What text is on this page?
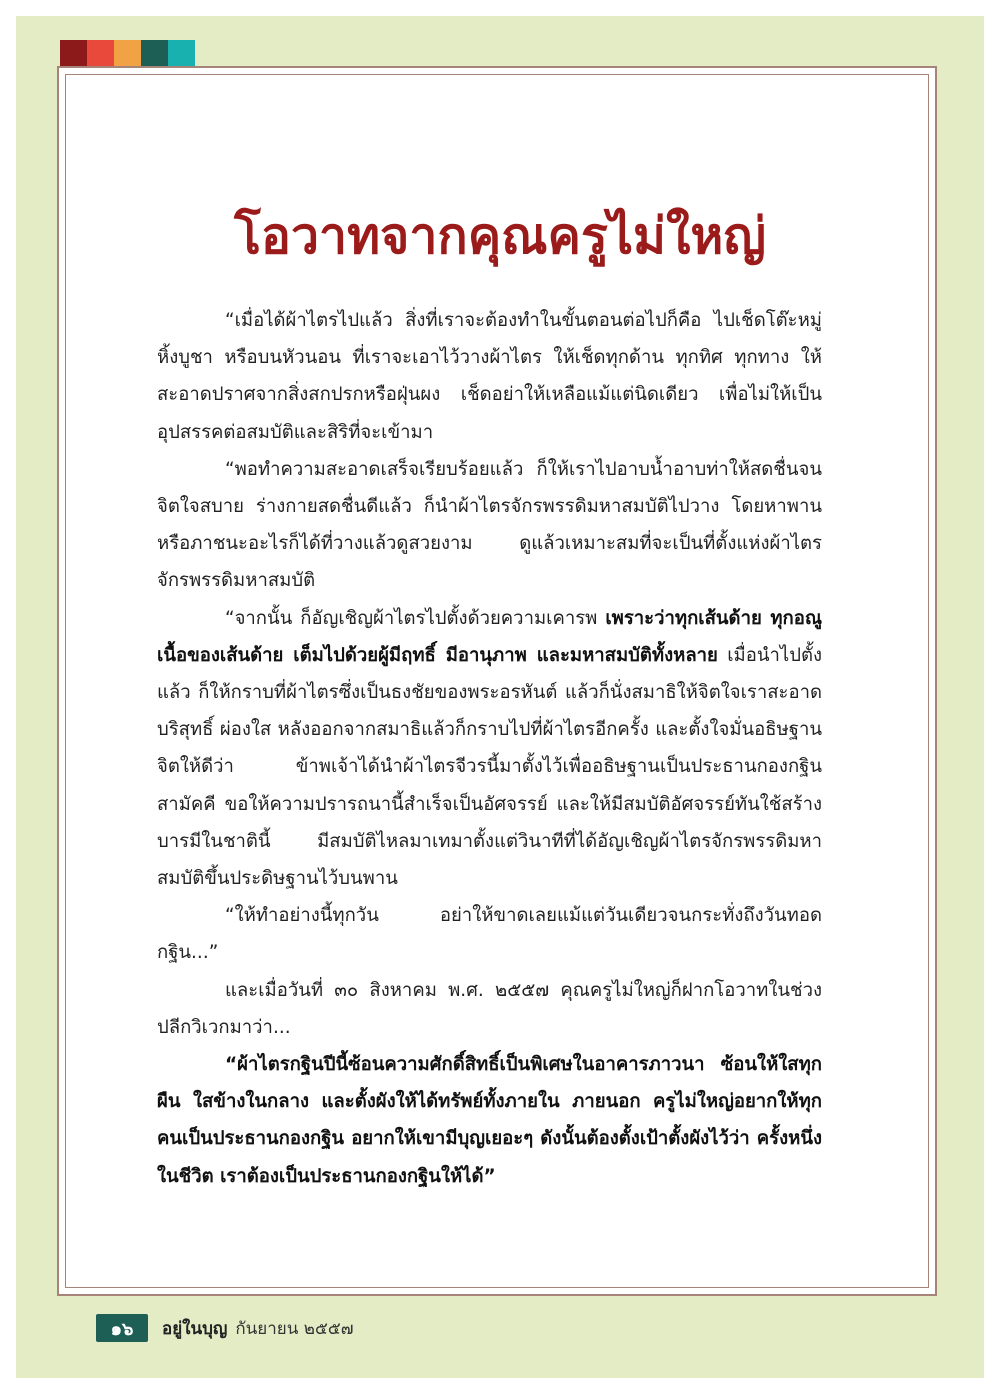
โอวาทจากคุณครูไม่ใหญ่

“เมื่อได้ผ้าไตรไปแล้ว สิ่งที่เราจะต้องทำในขั้นตอนต่อไปก็คือ ไปเช็ดโต๊ะหมู่หิ้งบูชา หรือบนหัวนอน ที่เราจะเอาไว้วางผ้าไตร ให้เช็ดทุกด้าน ทุกทิศ ทุกทาง ให้สะอาดปราศจากสิ่งสกปรกหรือฝุ่นผง เช็ดอย่าให้เหลือแม้แต่นิดเดียว เพื่อไม่ให้เป็นอุปสรรคต่อสมบัติและสิริที่จะเข้ามา

“พอทำความสะอาดเสร็จเรียบร้อยแล้ว ก็ให้เราไปอาบน้ำอาบท่าให้สดชื่นจนจิตใจสบาย ร่างกายสดชื่นดีแล้ว ก็นำผ้าไตรจักรพรรดิมหาสมบัติไปวาง โดยหาพานหรือภาชนะอะไรก็ได้ที่วางแล้วดูสวยงาม ดูแล้วเหมาะสมที่จะเป็นที่ตั้งแห่งผ้าไตรจักรพรรดิมหาสมบัติ

“จากนั้น ก็อัญเชิญผ้าไตรไปตั้งด้วยความเคารพ เพราะว่าทุกเส้นด้าย ทุกอณูเนื้อของเส้นด้าย เต็มไปด้วยผู้มีฤทธิ์ มีอานุภาพ และมหาสมบัติทั้งหลาย เมื่อนำไปตั้งแล้ว ก็ให้กราบที่ผ้าไตรซึ่งเป็นธงชัยของพระอรหันต์ แล้วก็นั่งสมาธิให้จิตใจเราสะอาด บริสุทธิ์ ผ่องใส หลังออกจากสมาธิแล้วก็กราบไปที่ผ้าไตรอีกครั้ง และตั้งใจมั่นอธิษฐานจิตให้ดีว่า ข้าพเจ้าได้นำผ้าไตรจีวรนี้มาตั้งไว้เพื่ออธิษฐานเป็นประธานกองกฐินสามัคคี ขอให้ความปรารถนานี้สำเร็จเป็นอัศจรรย์ และให้มีสมบัติอัศจรรย์ทันใช้สร้างบารมีในชาตินี้ มีสมบัติไหลมาเทมาตั้งแต่วินาทีที่ได้อัญเชิญผ้าไตรจักรพรรดิมหาสมบัติขึ้นประดิษฐานไว้บนพาน

“ให้ทำอย่างนี้ทุกวัน อย่าให้ขาดเลยแม้แต่วันเดียวจนกระทั่งถึงวันทอดกฐิน...”

และเมื่อวันที่ ๓๐ สิงหาคม พ.ศ. ๒๕๕๗ คุณครูไม่ใหญ่ก็ฝากโอวาทในช่วงปลีกวิเวกมาว่า...

“ผ้าไตรกฐินปีนี้ซ้อนความศักดิ์สิทธิ์เป็นพิเศษในอาคารภาวนา ซ้อนให้ใสทุกผืน ใสข้างในกลาง และตั้งผังให้ได้ทรัพย์ทั้งภายใน ภายนอก ครูไม่ใหญ่อยากให้ทุกคนเป็นประธานกองกฐิน อยากให้เขามีบุญเยอะๆ ดังนั้นต้องตั้งเป้าตั้งผังไว้ว่า ครั้งหนึ่งในชีวิต เราต้องเป็นประธานกองกฐินให้ได้”

๑๖	อยู่ในบุญ กันยายน ๒๕๕๗
